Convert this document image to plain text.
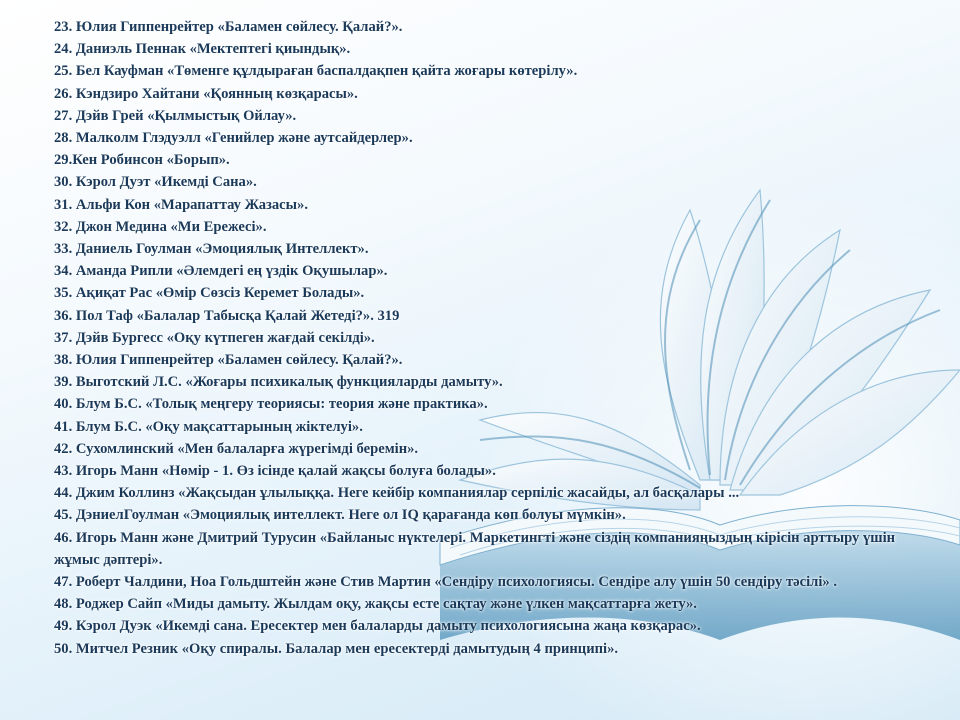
23. Юлия Гиппенрейтер «Баламен сөйлесу. Қалай?».
24. Даниэль Пеннак «Мектептегі қиындық».
25. Бел Кауфман «Төменге құлдыраған баспалдақпен қайта жоғары көтерілу».
26. Кэндзиро Хайтани «Қоянның көзқарасы».
27. Дэйв Грей «Қылмыстық Ойлау».
28. Малколм Глэдуэлл «Генийлер және аутсайдерлер».
29.Кен Робинсон «Борып».
30. Кэрол Дуэт «Икемді Сана».
31. Альфи Кон «Марапаттау Жазасы».
32. Джон Медина «Ми Ережесі».
33. Даниель Гоулман «Эмоциялық Интеллект».
34. Аманда Рипли «Әлемдегі ең үздік Оқушылар».
35. Ақиқат Рас «Өмір Сөзсіз Керемет Болады».
36. Пол Таф «Балалар Табысқа Қалай Жетеді?». 319
37. Дэйв Бургесс «Оқу күтпеген жағдай секілді».
38. Юлия Гиппенрейтер «Баламен сөйлесу. Қалай?».
39. Выготский Л.С. «Жоғары психикалық функцияларды дамыту».
40. Блум Б.С. «Толық меңгеру теориясы: теория және практика».
41. Блум Б.С. «Оқу мақсаттарының жіктелуі».
42. Сухомлинский «Мен балаларға жүрегімді беремін».
43. Игорь Манн «Нөмір - 1. Өз ісінде қалай жақсы болуға болады».
44. Джим Коллинз «Жақсыдан ұлылыққа. Неге кейбір компаниялар серпіліс жасайды, ал басқалары ...
45. ДэниелГоулман «Эмоциялық интеллект. Неге ол IQ қарағанда көп болуы мүмкін».
46. Игорь Манн және Дмитрий Турусин «Байланыс нүктелері. Маркетингті және сіздің компанияңыздың кірісін арттыру үшін жұмыс дәптері».
47. Роберт Чалдини, Ноа Гольдштейн және Стив Мартин «Сендіру психологиясы. Сендіре алу үшін 50 сендіру тәсілі» .
48. Роджер Сайп «Миды дамыту. Жылдам оқу, жақсы есте сақтау және үлкен мақсаттарға жету».
49. Кэрол Дуэк «Икемді сана. Ересектер мен балаларды дамыту психологиясына жаңа көзқарас».
50. Митчел Резник «Оқу спиралы. Балалар мен ересектерді дамытудың 4 принципі».
